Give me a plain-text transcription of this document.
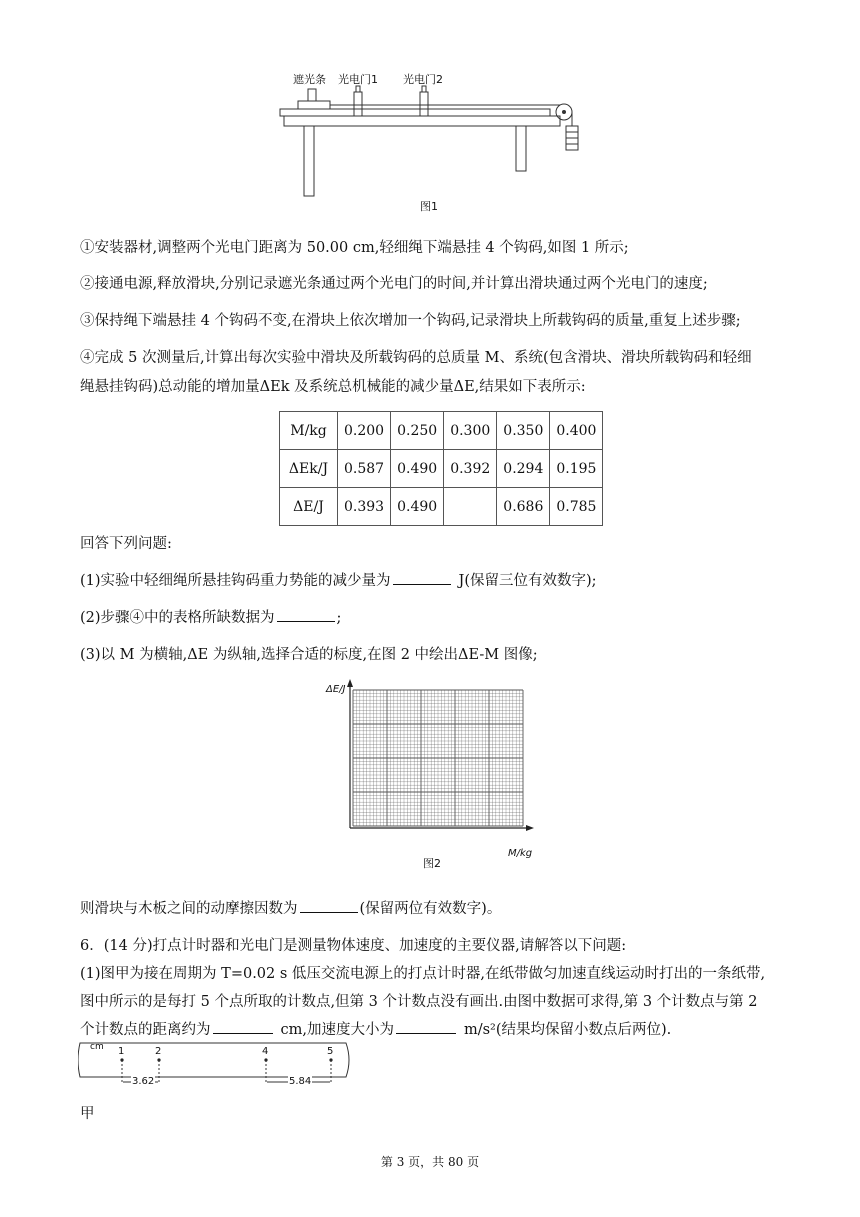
遮光条 光电门1 光电门2
图1
①安装器材,调整两个光电门距离为 50.00 cm,轻细绳下端悬挂 4 个钩码,如图 1 所示;
②接通电源,释放滑块,分别记录遮光条通过两个光电门的时间,并计算出滑块通过两个光电门的速度;
③保持绳下端悬挂 4 个钩码不变,在滑块上依次增加一个钩码,记录滑块上所载钩码的质量,重复上述步骤;
④完成 5 次测量后,计算出每次实验中滑块及所载钩码的总质量 M、系统(包含滑块、滑块所载钩码和轻细
绳悬挂钩码)总动能的增加量ΔEk 及系统总机械能的减少量ΔE,结果如下表所示:
M/kg	0.200	0.250	0.300	0.350	0.400
ΔEk/J	0.587	0.490	0.392	0.294	0.195
ΔE/J	0.393	0.490		0.686	0.785
回答下列问题:
(1)实验中轻细绳所悬挂钩码重力势能的减少量为	J(保留三位有效数字);
(2)步骤④中的表格所缺数据为	;
(3)以 M 为横轴,ΔE 为纵轴,选择合适的标度,在图 2 中绘出ΔE-M 图像;
ΔE/J
M/kg
图2
则滑块与木板之间的动摩擦因数为	(保留两位有效数字)。
6．(14 分)打点计时器和光电门是测量物体速度、加速度的主要仪器,请解答以下问题:
(1)图甲为接在周期为 T=0.02 s 低压交流电源上的打点计时器,在纸带做匀加速直线运动时打出的一条纸带,
图中所示的是每打 5 个点所取的计数点,但第 3 个计数点没有画出.由图中数据可求得,第 3 个计数点与第 2
个计数点的距离约为	cm,加速度大小为	m/s²(结果均保留小数点后两位).
cm 1	2	4	5
3.62	5.84
甲
第 3 页，共 80 页
